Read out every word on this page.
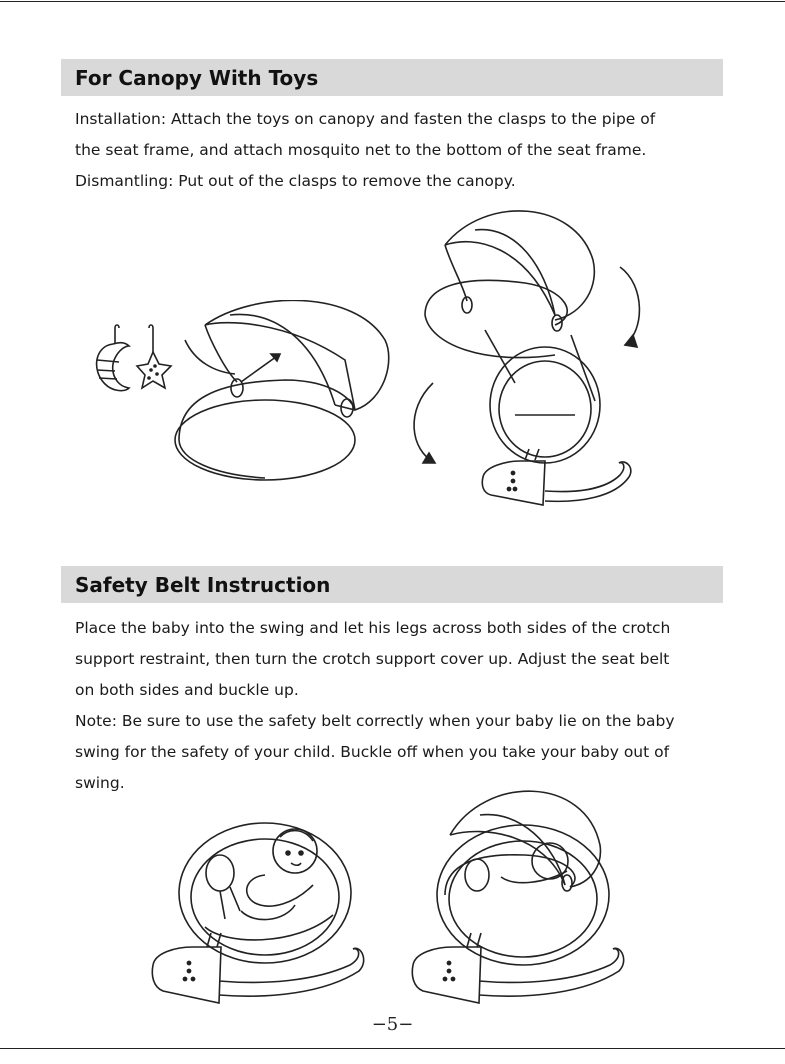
For Canopy With Toys

Installation: Attach the toys on canopy and fasten the clasps to the pipe of
the seat frame, and attach mosquito net to the bottom of the seat frame.
Dismantling: Put out of the clasps to remove the canopy.

Safety Belt Instruction

Place the baby into the swing and let his legs across both sides of the crotch
support restraint, then turn the crotch support cover up. Adjust the seat belt
on both sides and buckle up.
Note: Be sure to use the safety belt correctly when your baby lie on the baby
swing for the safety of your child. Buckle off when you take your baby out of
swing.

−5−
